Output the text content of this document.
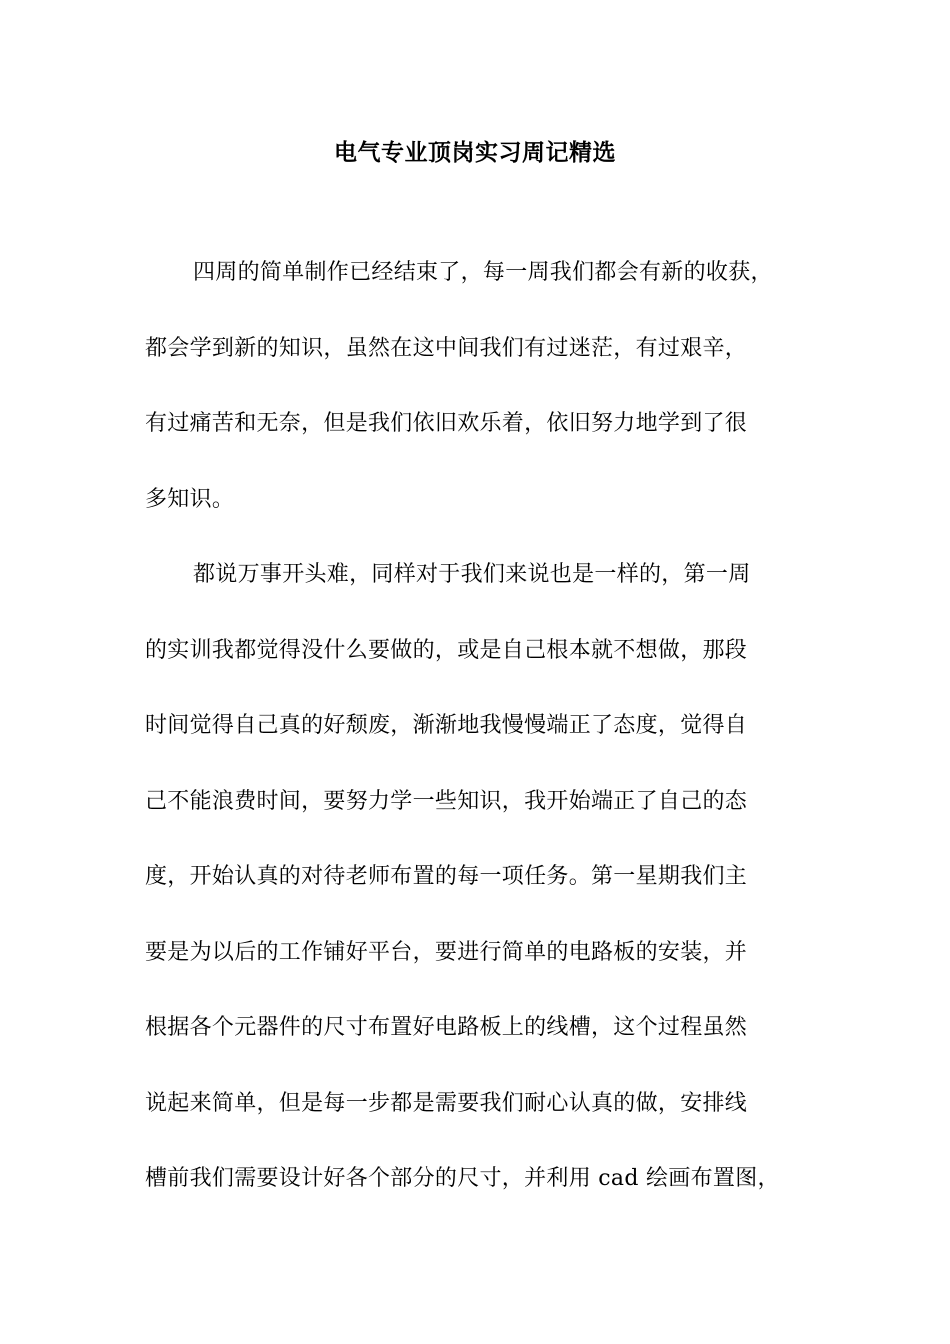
电气专业顶岗实习周记精选
四周的简单制作已经结束了，每一周我们都会有新的收获，
都会学到新的知识，虽然在这中间我们有过迷茫，有过艰辛，
有过痛苦和无奈，但是我们依旧欢乐着，依旧努力地学到了很
多知识。
都说万事开头难，同样对于我们来说也是一样的，第一周
的实训我都觉得没什么要做的，或是自己根本就不想做，那段
时间觉得自己真的好颓废，渐渐地我慢慢端正了态度，觉得自
己不能浪费时间，要努力学一些知识，我开始端正了自己的态
度，开始认真的对待老师布置的每一项任务。第一星期我们主
要是为以后的工作铺好平台，要进行简单的电路板的安装，并
根据各个元器件的尺寸布置好电路板上的线槽，这个过程虽然
说起来简单，但是每一步都是需要我们耐心认真的做，安排线
槽前我们需要设计好各个部分的尺寸，并利用 cad 绘画布置图，
